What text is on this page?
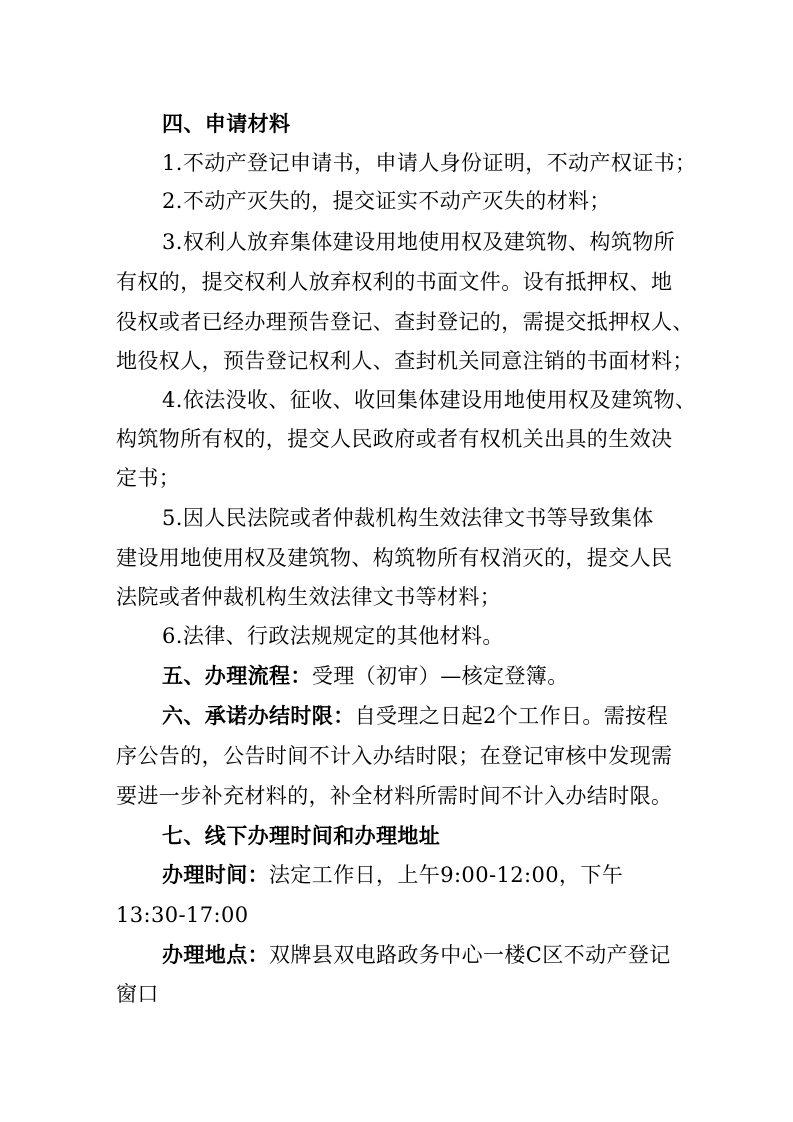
四、申请材料
1.不动产登记申请书，申请人身份证明，不动产权证书；
2.不动产灭失的，提交证实不动产灭失的材料；
3.权利人放弃集体建设用地使用权及建筑物、构筑物所
有权的，提交权利人放弃权利的书面文件。设有抵押权、地
役权或者已经办理预告登记、查封登记的，需提交抵押权人、
地役权人，预告登记权利人、查封机关同意注销的书面材料；
4.依法没收、征收、收回集体建设用地使用权及建筑物、
构筑物所有权的，提交人民政府或者有权机关出具的生效决
定书；
5.因人民法院或者仲裁机构生效法律文书等导致集体
建设用地使用权及建筑物、构筑物所有权消灭的，提交人民
法院或者仲裁机构生效法律文书等材料；
6.法律、行政法规规定的其他材料。
五、办理流程：受理（初审）—核定登簿。
六、承诺办结时限：自受理之日起2个工作日。需按程
序公告的，公告时间不计入办结时限；在登记审核中发现需
要进一步补充材料的，补全材料所需时间不计入办结时限。
七、线下办理时间和办理地址
办理时间：法定工作日，上午9:00-12:00，下午
13:30-17:00
办理地点：双牌县双电路政务中心一楼C区不动产登记
窗口
